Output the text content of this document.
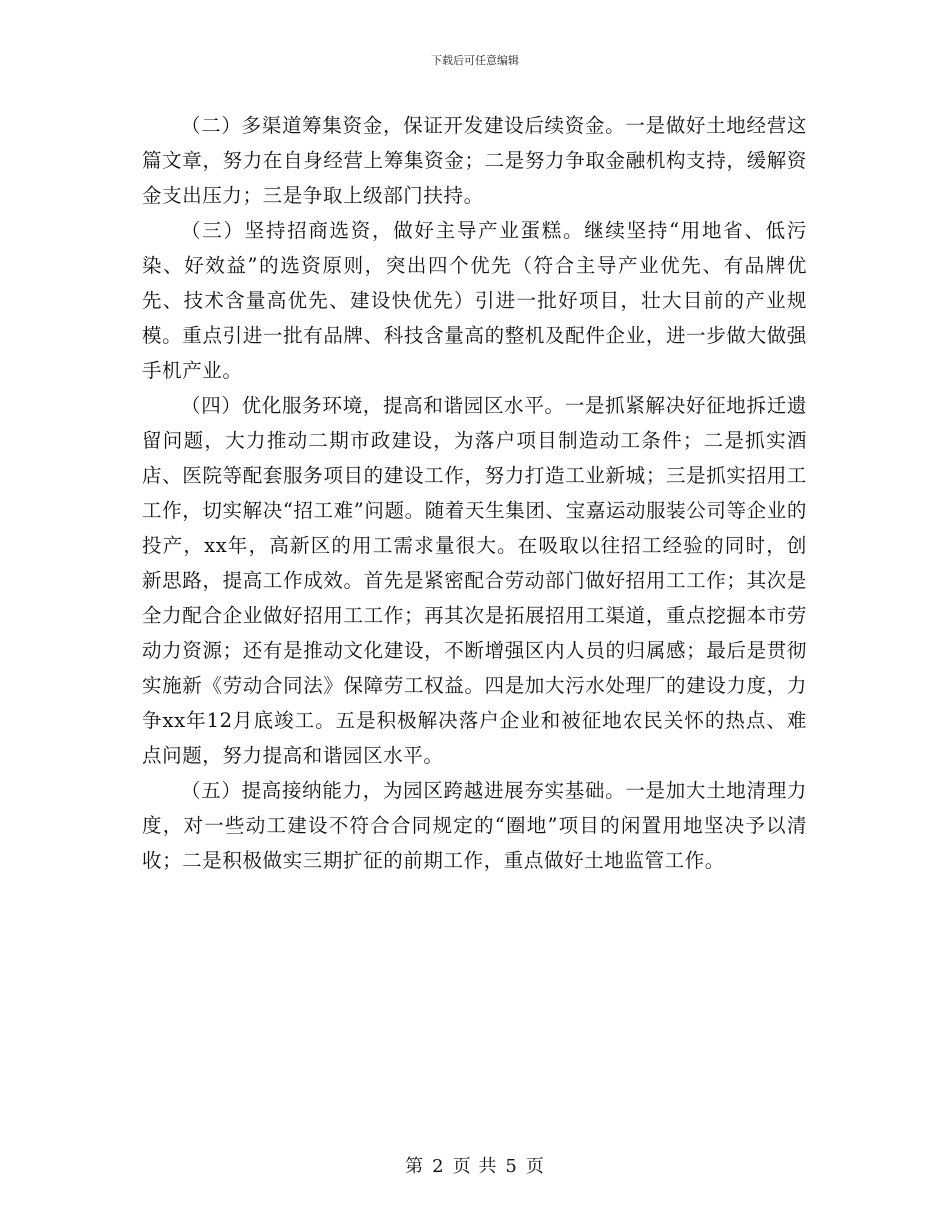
下载后可任意编辑

（二）多渠道筹集资金，保证开发建设后续资金。一是做好土地经营这篇文章，努力在自身经营上筹集资金；二是努力争取金融机构支持，缓解资金支出压力；三是争取上级部门扶持。

（三）坚持招商选资，做好主导产业蛋糕。继续坚持“用地省、低污染、好效益”的选资原则，突出四个优先（符合主导产业优先、有品牌优先、技术含量高优先、建设快优先）引进一批好项目，壮大目前的产业规模。重点引进一批有品牌、科技含量高的整机及配件企业，进一步做大做强手机产业。

（四）优化服务环境，提高和谐园区水平。一是抓紧解决好征地拆迁遗留问题，大力推动二期市政建设，为落户项目制造动工条件；二是抓实酒店、医院等配套服务项目的建设工作，努力打造工业新城；三是抓实招用工工作，切实解决“招工难”问题。随着天生集团、宝嘉运动服装公司等企业的投产，xx年，高新区的用工需求量很大。在吸取以往招工经验的同时，创新思路，提高工作成效。首先是紧密配合劳动部门做好招用工工作；其次是全力配合企业做好招用工工作；再其次是拓展招用工渠道，重点挖掘本市劳动力资源；还有是推动文化建设，不断增强区内人员的归属感；最后是贯彻实施新《劳动合同法》保障劳工权益。四是加大污水处理厂的建设力度，力争xx年12月底竣工。五是积极解决落户企业和被征地农民关怀的热点、难点问题，努力提高和谐园区水平。

（五）提高接纳能力，为园区跨越进展夯实基础。一是加大土地清理力度，对一些动工建设不符合合同规定的“圈地”项目的闲置用地坚决予以清收；二是积极做实三期扩征的前期工作，重点做好土地监管工作。

第 2 页 共 5 页
